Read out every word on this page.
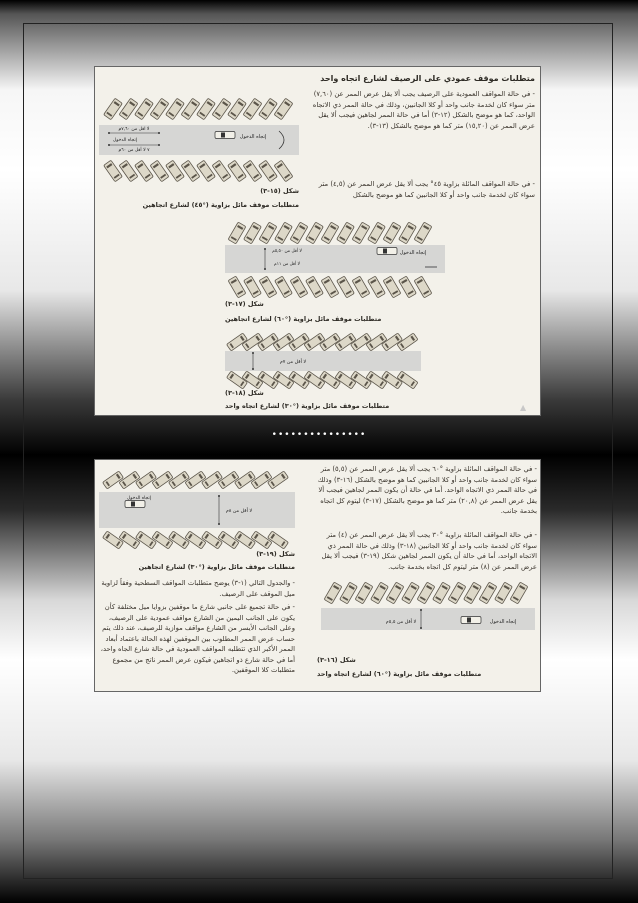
متطلبات موقف عمودي على الرصيف لشارع اتجاه واحد
- في حالة المواقف العمودية على الرصيف يجب ألا يقل عرض الممر عن (٧,٦٠) متر سواء كان لخدمة جانب واحد أو كلا الجانبين، وذلك في حالة الممر ذي الاتجاه الواحد، كما هو موضح بالشكل (١٢-٣) أما في حالة الممر لجاهين فيجب ألا يقل عرض الممر عن (١٥,٢٠) متر كما هو موضح بالشكل (١٣-٣).
- في حالة المواقف المائلة بزاوية ٤٥° يجب ألا يقل عرض الممر عن (٤,٥) متر سواء كان لخدمة جانب واحد أو كلا الجانبين كما هو موضح بالشكل
إتجاه الدخول
إتجاه الدخول
لا اقل من ٧,٦٠م
٧ لا أقل من ٦٠م
شكل (١٥-٣)
متطلبات موقف مائل بزاوية (°٤٥) لشارع اتجاهين
إتجاه الدخول
لا أقل من ٥,٥٠م
لا أقل من ١١م
شكل (١٧-٣)
متطلبات موقف مائل بزاوية (°٦٠) لشارع اتجاهين
لا أقل من ٧م
شكل (١٨-٣)
متطلبات موقف مائل بزاوية (°٣٠) لشارع اتجاه واحد	▲
•••••••••••••••
إتجاه الدخول
لا أقل من ٨م
شكل (١٩-٣)
متطلبات موقف مائل بزاوية (°٣٠) لشارع اتجاهين
- والجدول التالي (١-٣) يوضح متطلبات المواقف السطحية وفقاً لزاوية ميل الموقف على الرصيف.
- في حالة تجميع على جانبي شارع ما موقفين بزوايا ميل مختلفة كأن يكون على الجانب اليمين من الشارع مواقف عمودية على الرصيف، وعلى الجانب الأيسر من الشارع مواقف موازية للرصيف، عند ذلك يتم حساب عرض الممر المطلوب بين الموقفين لهذه الحالة باعتماد أبعاد الممر الأكبر الذي تتطلبه المواقف العمودية في حالة شارع الجاه واحد، أما في حالة شارع ذو اتجاهين فيكون عرض الممر ناتج من مجموع متطلبات كلا الموقفين.
- في حالة المواقف المائلة بزاوية °٦٠ يجب ألا يقل عرض الممر عن (٥,٥) متر سواء كان لخدمة جانب واحد أو كلا الجانبين كما هو موضح بالشكل (١٦-٣) وذلك في حالة الممر ذي الاتجاه الواحد. أما في حالة أن يكون الممر لجاهين فيجب ألا يقل عرض الممر عن (٢٠,٨) متر كما هو موضح بالشكل (١٧-٣) ليتوم كل اتجاه بخدمة جانب.
- في حالة المواقف المائلة بزاوية °٣٠ يجب ألا يقل عرض الممر عن (٤) متر سواء كان لخدمة جانب واحد أو كلا الجانبين (١٨-٣) وذلك في حالة الممر ذي الاتجاه الواحد، أما في حالة أن يكون الممر لجاهين شكل (١٩-٣) فيجب ألا يقل عرض الممر عن (٨) متر ليتوم كل اتجاه بخدمة جانب.
إتجاه الدخول
لا أقل من ٥,٥م
شكل (١٦-٣)
متطلبات موقف مائل بزاوية (°٦٠) لشارع اتجاه واحد
